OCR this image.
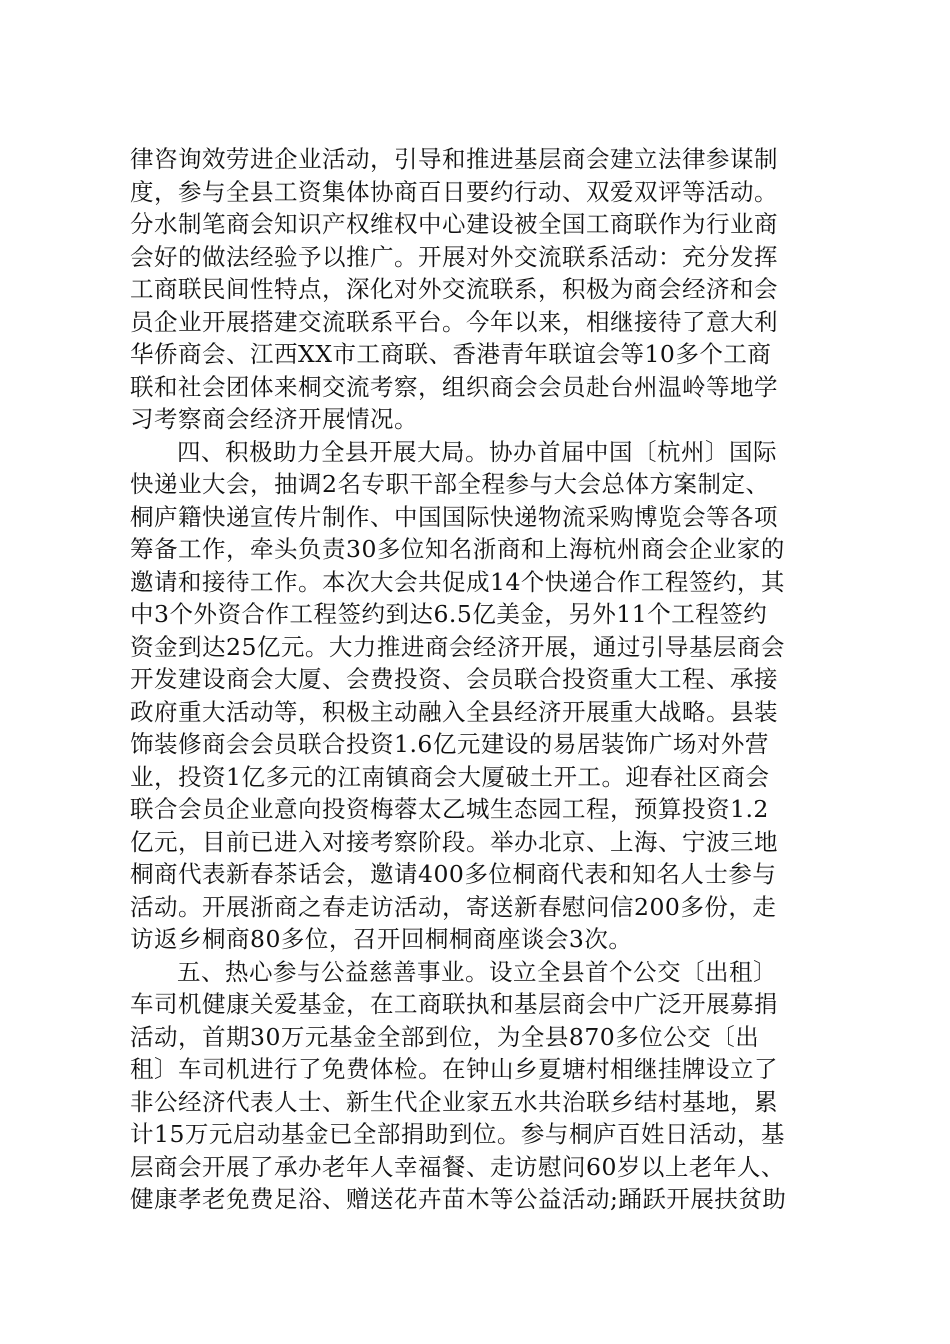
律咨询效劳进企业活动，引导和推进基层商会建立法律参谋制
度，参与全县工资集体协商百日要约行动、双爱双评等活动。
分水制笔商会知识产权维权中心建设被全国工商联作为行业商
会好的做法经验予以推广。开展对外交流联系活动：充分发挥
工商联民间性特点，深化对外交流联系，积极为商会经济和会
员企业开展搭建交流联系平台。今年以来，相继接待了意大利
华侨商会、江西XX市工商联、香港青年联谊会等10多个工商
联和社会团体来桐交流考察，组织商会会员赴台州温岭等地学
习考察商会经济开展情况。
四、积极助力全县开展大局。协办首届中国〔杭州〕国际
快递业大会，抽调2名专职干部全程参与大会总体方案制定、
桐庐籍快递宣传片制作、中国国际快递物流采购博览会等各项
筹备工作，牵头负责30多位知名浙商和上海杭州商会企业家的
邀请和接待工作。本次大会共促成14个快递合作工程签约，其
中3个外资合作工程签约到达6.5亿美金，另外11个工程签约
资金到达25亿元。大力推进商会经济开展，通过引导基层商会
开发建设商会大厦、会费投资、会员联合投资重大工程、承接
政府重大活动等，积极主动融入全县经济开展重大战略。县装
饰装修商会会员联合投资1.6亿元建设的易居装饰广场对外营
业，投资1亿多元的江南镇商会大厦破土开工。迎春社区商会
联合会员企业意向投资梅蓉太乙城生态园工程，预算投资1.2
亿元，目前已进入对接考察阶段。举办北京、上海、宁波三地
桐商代表新春茶话会，邀请400多位桐商代表和知名人士参与
活动。开展浙商之春走访活动，寄送新春慰问信200多份，走
访返乡桐商80多位，召开回桐桐商座谈会3次。
五、热心参与公益慈善事业。设立全县首个公交〔出租〕
车司机健康关爱基金，在工商联执和基层商会中广泛开展募捐
活动，首期30万元基金全部到位，为全县870多位公交〔出
租〕车司机进行了免费体检。在钟山乡夏塘村相继挂牌设立了
非公经济代表人士、新生代企业家五水共治联乡结村基地，累
计15万元启动基金已全部捐助到位。参与桐庐百姓日活动，基
层商会开展了承办老年人幸福餐、走访慰问60岁以上老年人、
健康孝老免费足浴、赠送花卉苗木等公益活动;踊跃开展扶贫助
